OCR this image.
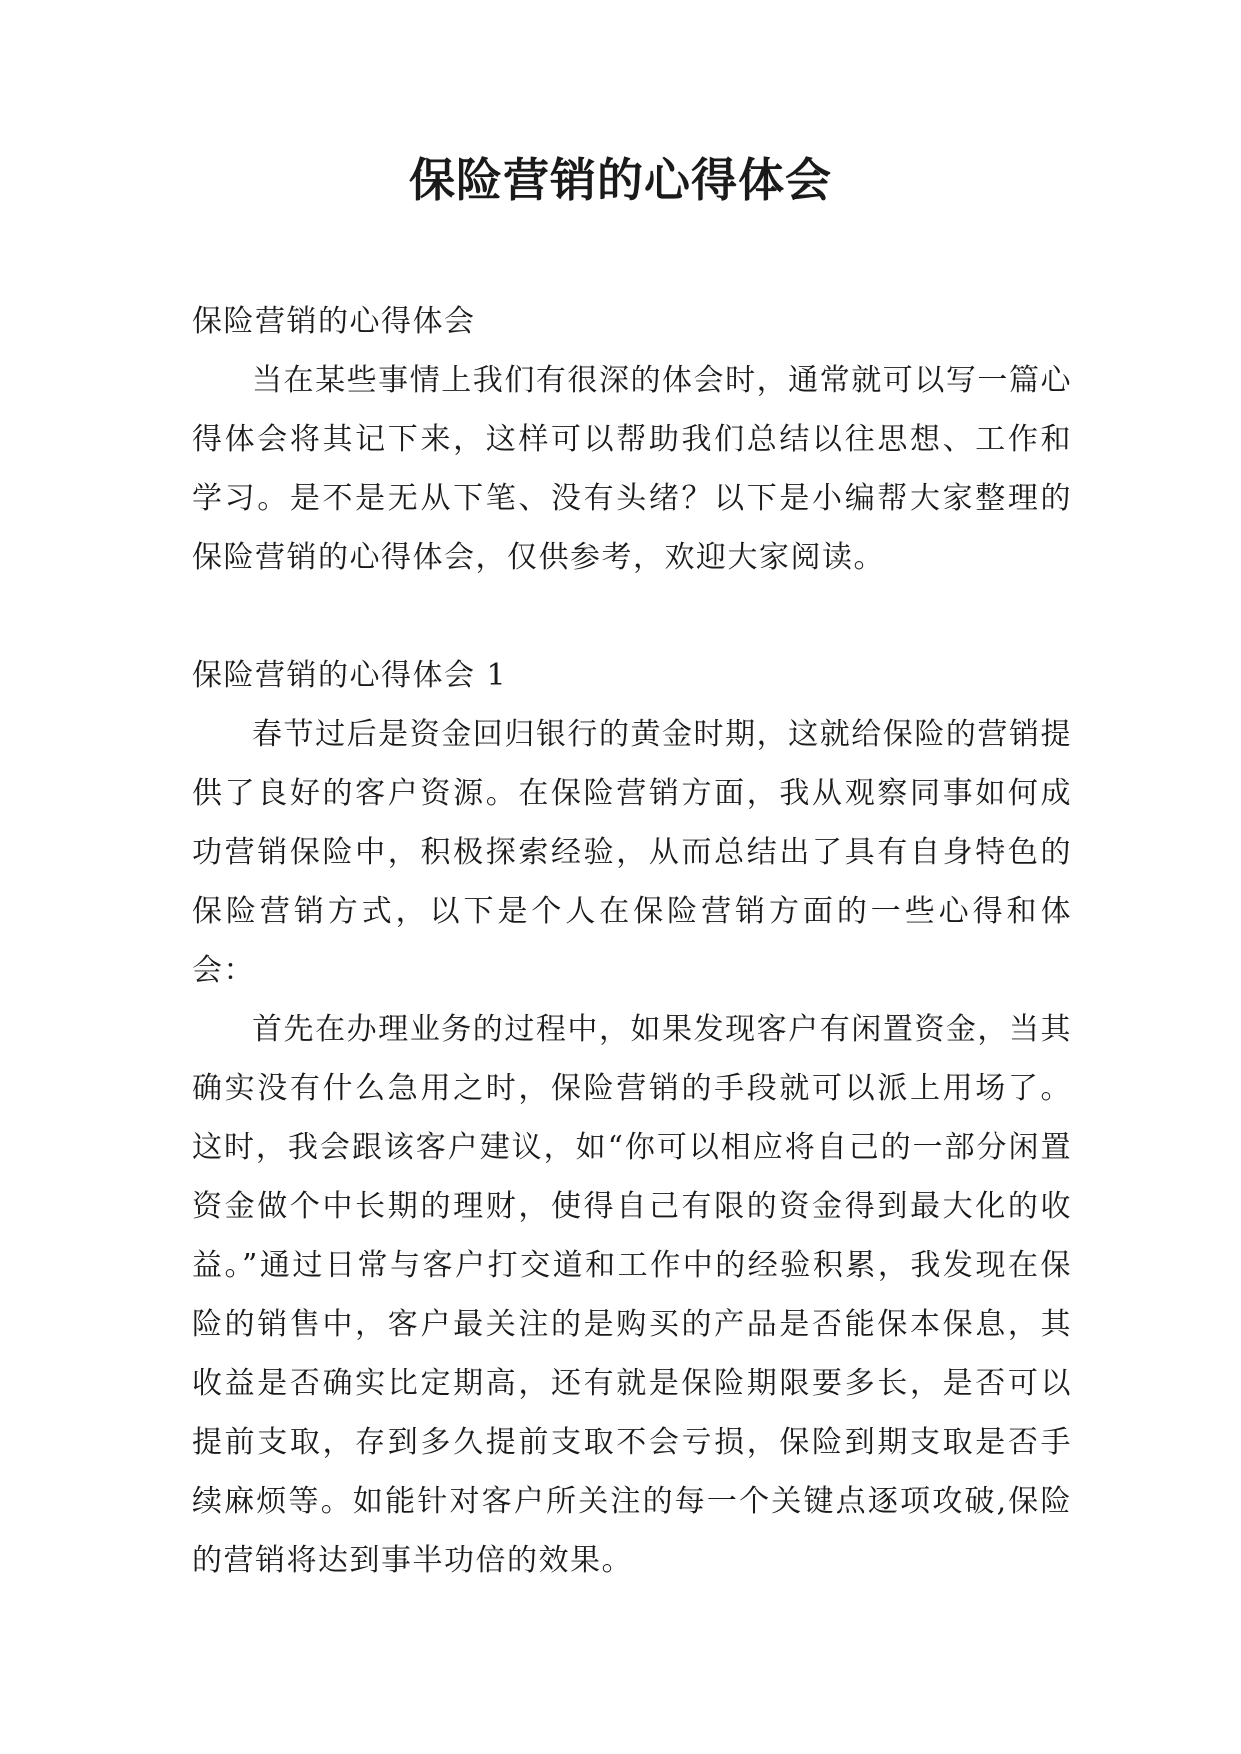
保险营销的心得体会
保险营销的心得体会

当在某些事情上我们有很深的体会时，通常就可以写一篇心得体会将其记下来，这样可以帮助我们总结以往思想、工作和学习。是不是无从下笔、没有头绪？以下是小编帮大家整理的保险营销的心得体会，仅供参考，欢迎大家阅读。

保险营销的心得体会 1

春节过后是资金回归银行的黄金时期，这就给保险的营销提供了良好的客户资源。在保险营销方面，我从观察同事如何成功营销保险中，积极探索经验，从而总结出了具有自身特色的保险营销方式，以下是个人在保险营销方面的一些心得和体会：

首先在办理业务的过程中，如果发现客户有闲置资金，当其确实没有什么急用之时，保险营销的手段就可以派上用场了。这时，我会跟该客户建议，如“你可以相应将自己的一部分闲置资金做个中长期的理财，使得自己有限的资金得到最大化的收益。”通过日常与客户打交道和工作中的经验积累，我发现在保险的销售中，客户最关注的是购买的产品是否能保本保息，其收益是否确实比定期高，还有就是保险期限要多长，是否可以提前支取，存到多久提前支取不会亏损，保险到期支取是否手续麻烦等。如能针对客户所关注的每一个关键点逐项攻破,保险的营销将达到事半功倍的效果。
